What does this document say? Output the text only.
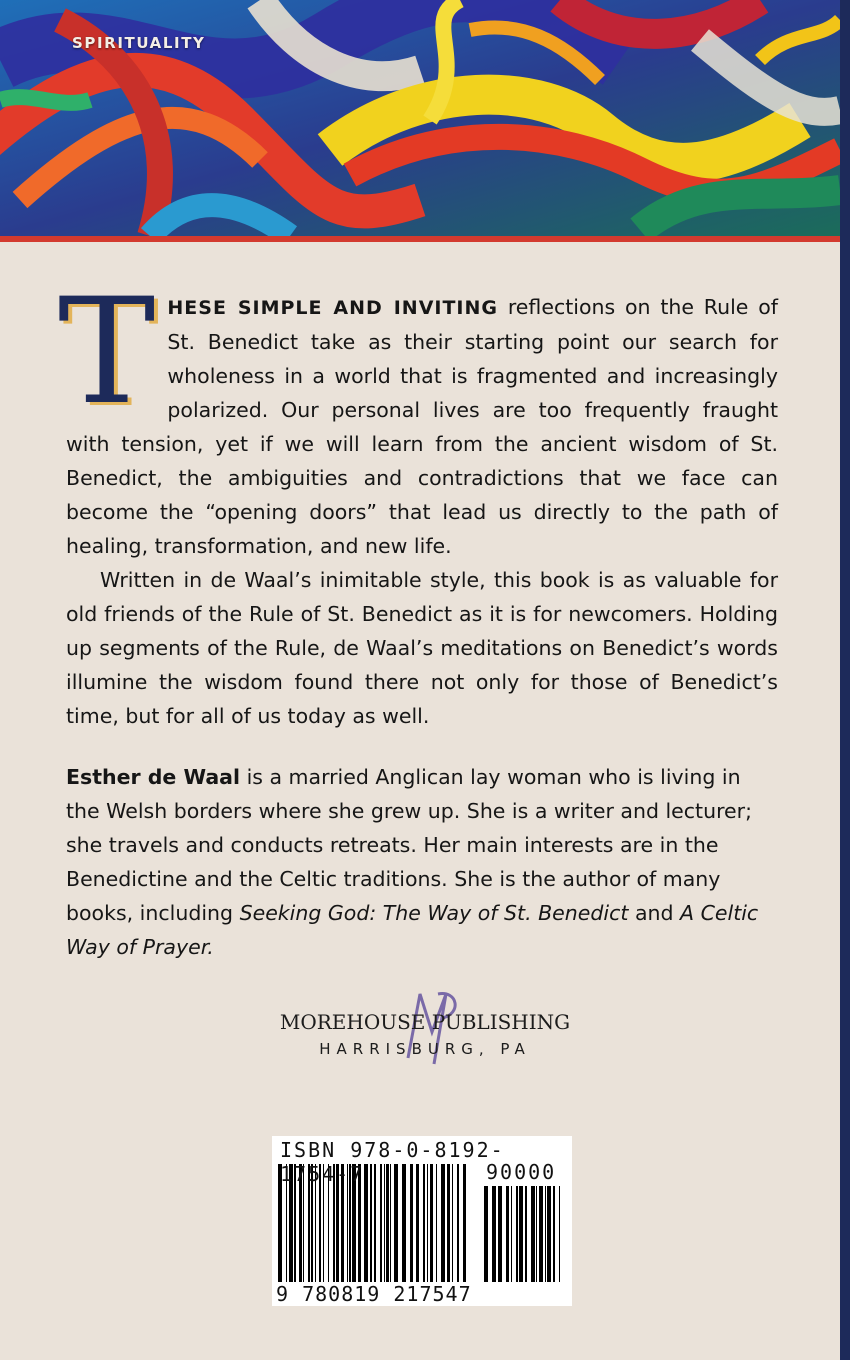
SPIRITUALITY

THESE SIMPLE AND INVITING reflections on the Rule of St. Benedict take as their starting point our search for wholeness in a world that is fragmented and increasingly polarized. Our personal lives are too frequently fraught with tension, yet if we will learn from the ancient wisdom of St. Benedict, the ambiguities and contradictions that we face can become the “opening doors” that lead us directly to the path of healing, transformation, and new life.

Written in de Waal’s inimitable style, this book is as valuable for old friends of the Rule of St. Benedict as it is for newcomers. Holding up segments of the Rule, de Waal’s meditations on Benedict’s words illumine the wisdom found there not only for those of Benedict’s time, but for all of us today as well.

Esther de Waal is a married Anglican lay woman who is living in the Welsh borders where she grew up. She is a writer and lecturer; she travels and conducts retreats. Her main interests are in the Benedictine and the Celtic traditions. She is the author of many books, including Seeking God: The Way of St. Benedict and A Celtic Way of Prayer.

MOREHOUSE PUBLISHING
HARRISBURG, PA
ISBN 978-0-8192-1754-7	90000
9 780819 217547
